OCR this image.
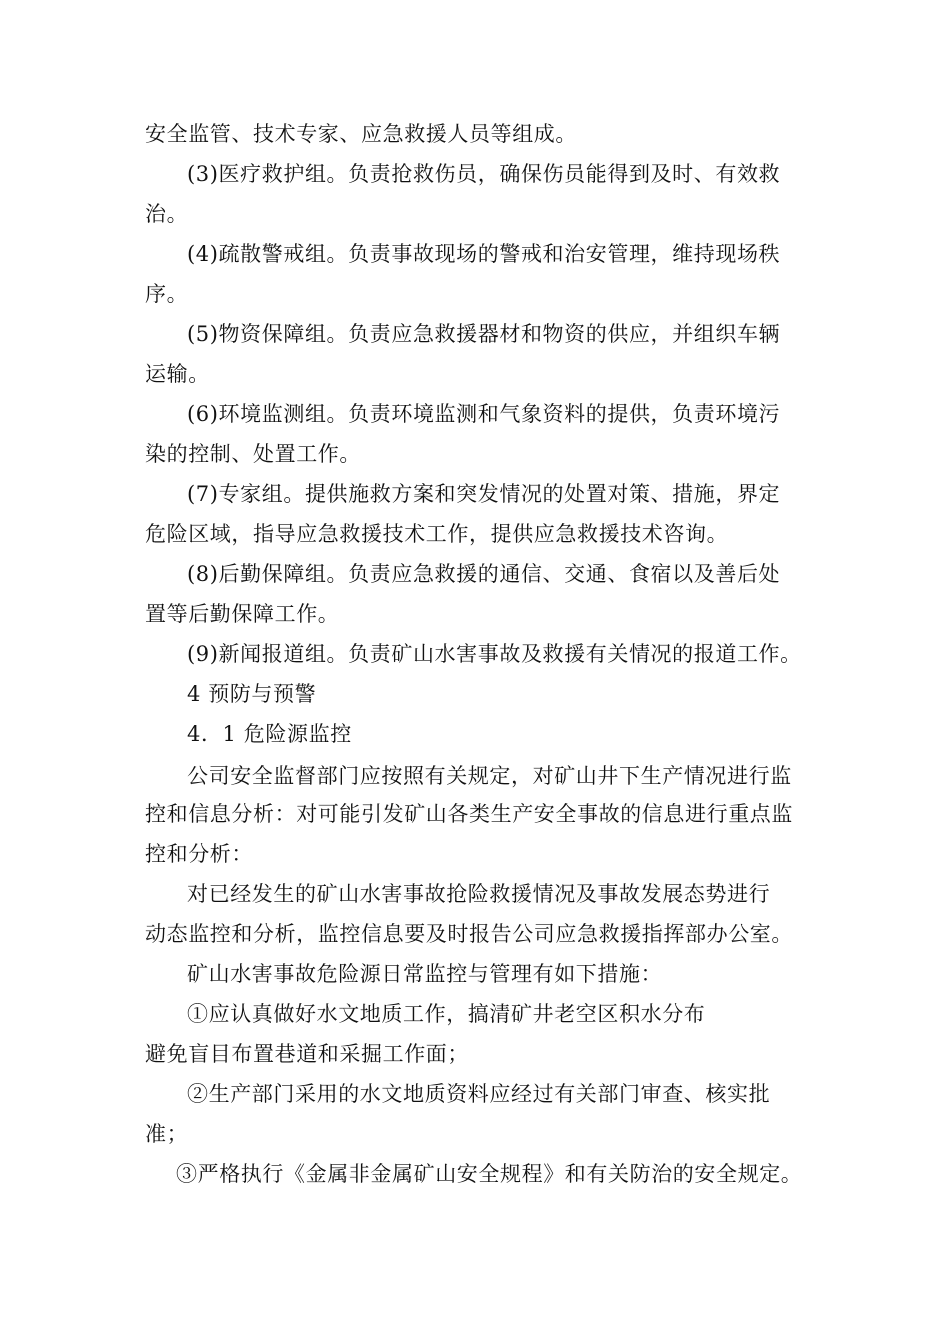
安全监管、技术专家、应急救援人员等组成。
(3)医疗救护组。负责抢救伤员，确保伤员能得到及时、有效救
治。
(4)疏散警戒组。负责事故现场的警戒和治安管理，维持现场秩
序。
(5)物资保障组。负责应急救援器材和物资的供应，并组织车辆
运输。
(6)环境监测组。负责环境监测和气象资料的提供，负责环境污
染的控制、处置工作。
(7)专家组。提供施救方案和突发情况的处置对策、措施，界定
危险区域，指导应急救援技术工作，提供应急救援技术咨询。
(8)后勤保障组。负责应急救援的通信、交通、食宿以及善后处
置等后勤保障工作。
(9)新闻报道组。负责矿山水害事故及救援有关情况的报道工作。
4 预防与预警
4．1 危险源监控
公司安全监督部门应按照有关规定，对矿山井下生产情况进行监
控和信息分析：对可能引发矿山各类生产安全事故的信息进行重点监
控和分析：
对已经发生的矿山水害事故抢险救援情况及事故发展态势进行
动态监控和分析，监控信息要及时报告公司应急救援指挥部办公室。
矿山水害事故危险源日常监控与管理有如下措施：
①应认真做好水文地质工作，搞清矿井老空区积水分布
避免盲目布置巷道和采掘工作面；
②生产部门采用的水文地质资料应经过有关部门审查、核实批
准；
③严格执行《金属非金属矿山安全规程》和有关防治的安全规定。
